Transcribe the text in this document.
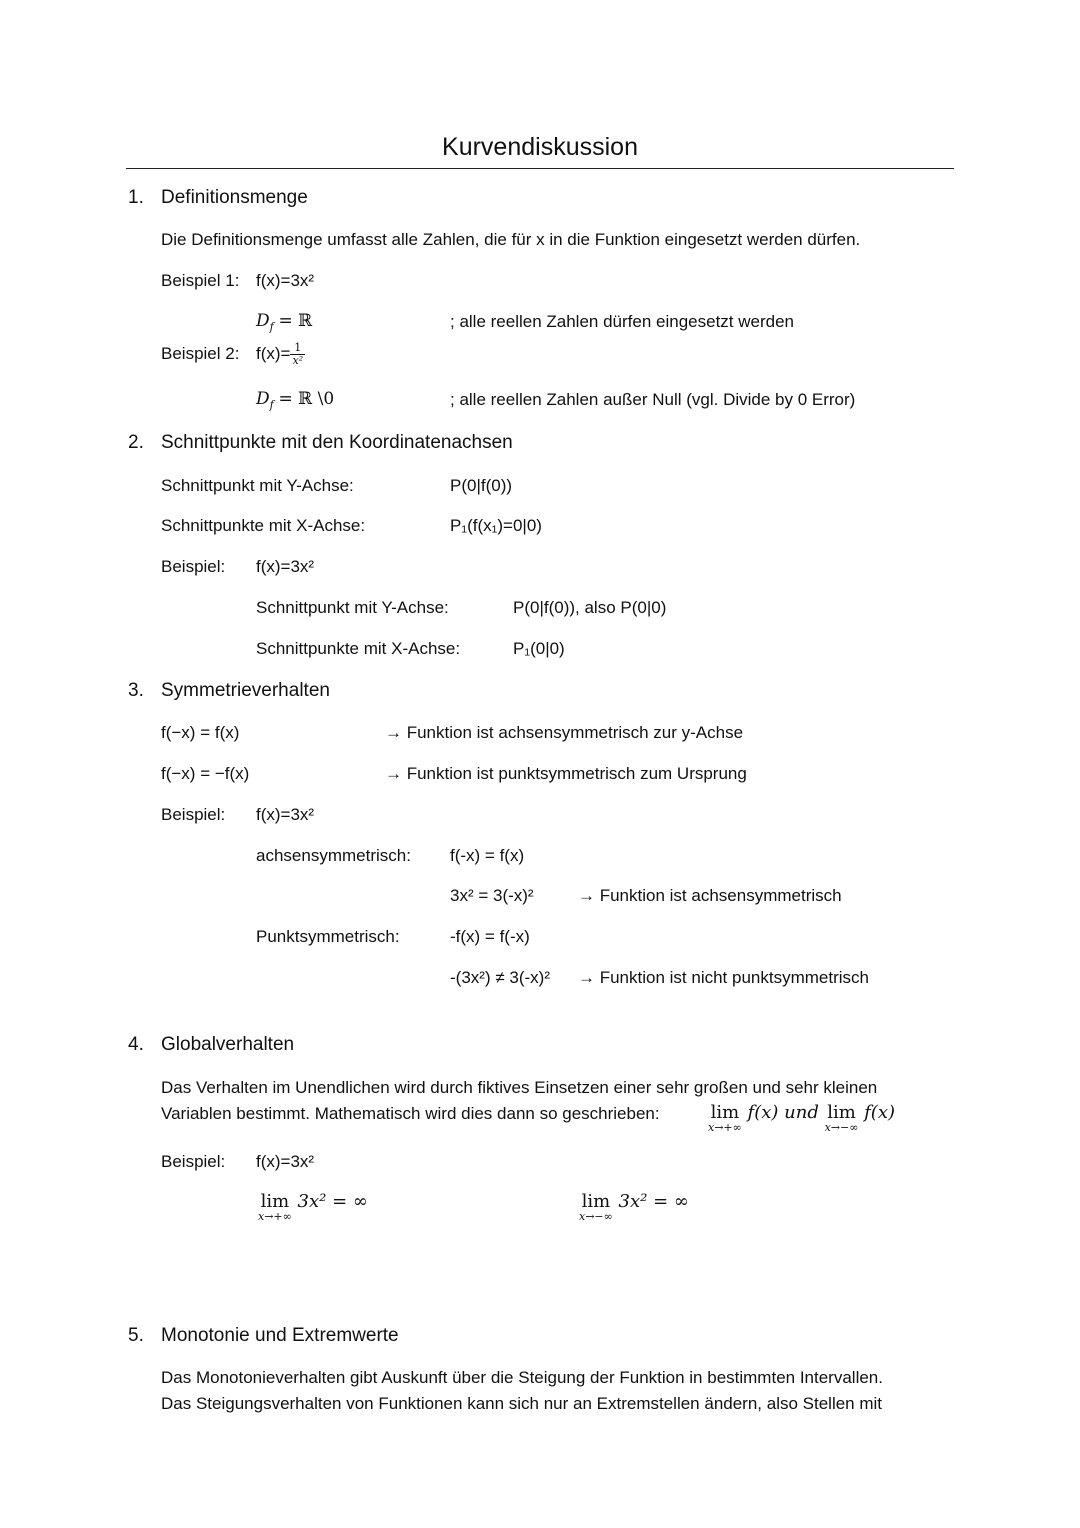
Kurvendiskussion
1. Definitionsmenge
Die Definitionsmenge umfasst alle Zahlen, die für x in die Funktion eingesetzt werden dürfen.
Beispiel 1: f(x)=3x²
$D_f$ = ℝ	; alle reellen Zahlen dürfen eingesetzt werden
Beispiel 2: $f(x)= \frac{1}{\text{x²}}$
$D_f$ = ℝ \0	; alle reellen Zahlen außer Null (vgl. Divide by 0 Error)
2. Schnittpunkte mit den Koordinatenachsen
Schnittpunkt mit Y-Achse:	P(0|f(0))
Schnittpunkte mit X-Achse:	P₁(f(x₁)=0|0)
Beispiel: f(x)=3x²
Schnittpunkt mit Y-Achse:	P(0|f(0)), also P(0|0)
Schnittpunkte mit X-Achse:	P₁(0|0)
3. Symmetrieverhalten
f(−x) = f(x)	→ Funktion ist achsensymmetrisch zur y-Achse
f(−x) = −f(x)	→ Funktion ist punktsymmetrisch zum Ursprung
Beispiel: f(x)=3x²
achsensymmetrisch: f(-x) = f(x)
3x² = 3(-x)²	→ Funktion ist achsensymmetrisch
Punktsymmetrisch:	-f(x) = f(-x)
-(3x²) ≠ 3(-x)² → Funktion ist nicht punktsymmetrisch
4. Globalverhalten
Das Verhalten im Unendlichen wird durch fiktives Einsetzen einer sehr großen und sehr kleinen
Variablen bestimmt. Mathematisch wird dies dann so geschrieben:	lim
x→+∞
f(x) und lim
x→−∞
f(x)
Beispiel: f(x)=3x²
lim
x→+∞
3x² = ∞	lim
x→−∞
3x² = ∞
5. Monotonie und Extremwerte
Das Monotonieverhalten gibt Auskunft über die Steigung der Funktion in bestimmten Intervallen.
Das Steigungsverhalten von Funktionen kann sich nur an Extremstellen ändern, also Stellen mit
